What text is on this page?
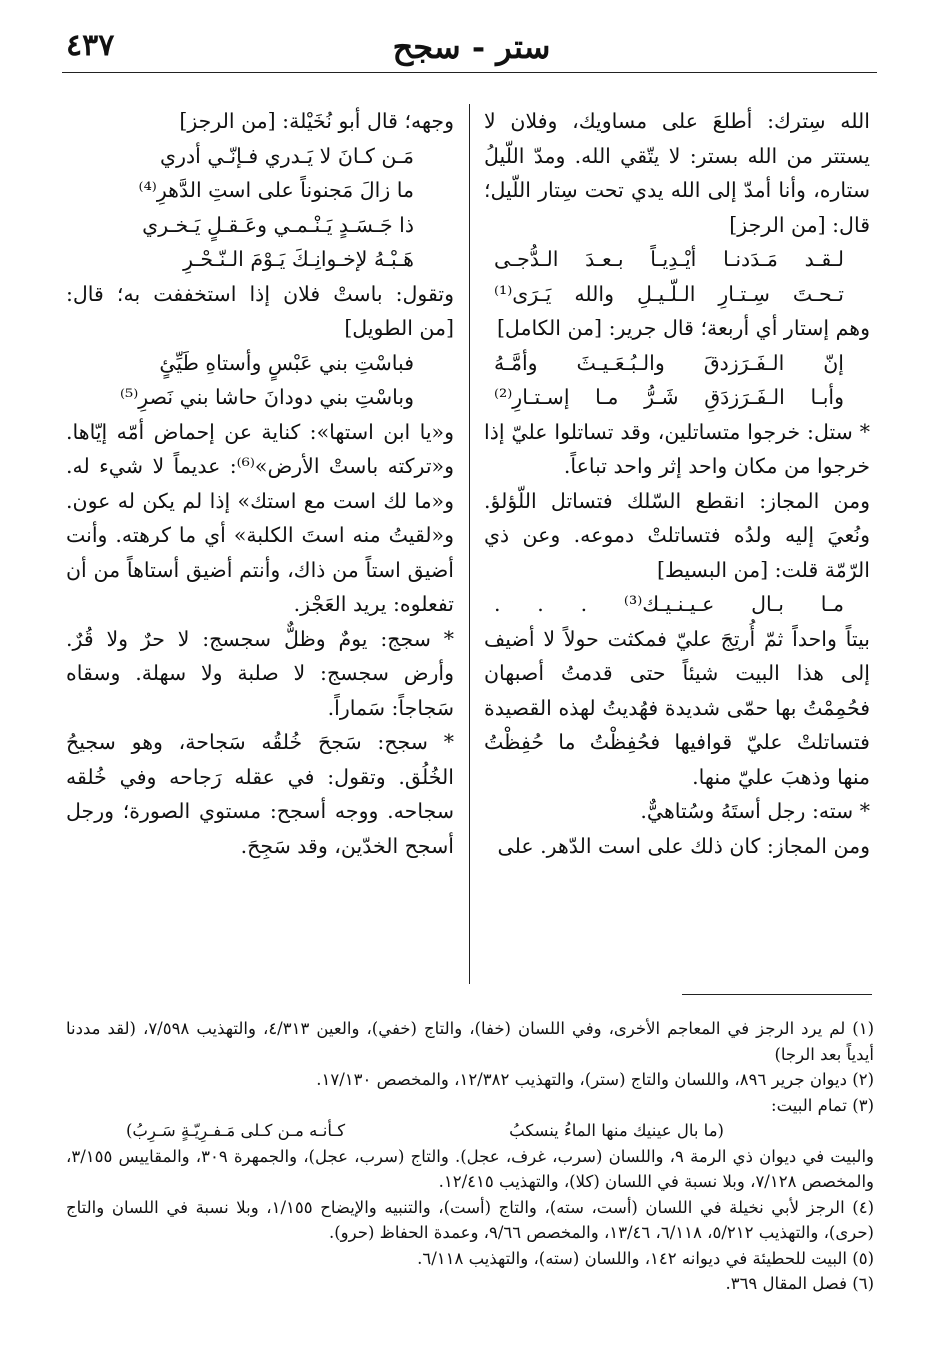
٤٣٧	ستر - سجح

الله سِترك: أطلعَ على مساويك، وفلان لا يستتر من الله بستر: لا يتّقي الله. ومدّ اللّيلُ ستاره، وأنا أمدّ إلى الله يدي تحت سِتار اللّيل؛ قال: [من الرجز]

لـقـد مَـدَدنـا أيْـدِيـاً بـعـدَ الـدُّجـى
تـحـتَ سِـتـارِ الـلّـيـلِ والله يَـرَى⁽¹⁾

وهم إستار أي أربعة؛ قال جرير: [من الكامل]

إنّ الـفَـرَزدقَ والـبُـعَـيـثَ وأمَّـهُ
وأبـا الـفَـرَزدَقِ شَـرُّ مـا إسـتـارِ⁽²⁾

* ستل: خرجوا متساتلين، وقد تساتلوا عليّ إذا خرجوا من مكان واحد إثر واحد تباعاً.

ومن المجاز: انقطع السّلك فتساتل اللّؤلؤ. ونُعيَ إليه ولدُه فتساتلتْ دموعه. وعن ذي الرّمّة قلت: [من البسيط]

مـا بـال عـيـنـيـك⁽³⁾ . . .

بيتاً واحداً ثمّ أُرتِجَ عليّ فمكثت حولاً لا أضيف إلى هذا البيت شيئاً حتى قدمتُ أصبهان فحُمِمْتُ بها حمّى شديدة فهُديتُ لهذه القصيدة فتساتلتْ عليّ قوافيها فحُفِظْتُ ما حُفِظْتُ منها وذهبَ عليّ منها.

* سته: رجل أستَهُ وسُتاهيٌّ.

ومن المجاز: كان ذلك على است الدّهر. على

وجهه؛ قال أبو نُخَيْلة: [من الرجز]

مَـن كـانَ لا يَـدري فـإنّـي أدري
ما زالَ مَجنوناً على استِ الدَّهرِ⁽⁴⁾
ذا جَـسَـدٍ يَـنْـمـي وعَـقـلٍ يَـخـري
هَـبْـهُ لإخـوانِـكَ يَـوْمَ الـنّـحْـرِ

وتقول: باستْ فلان إذا استخففت به؛ قال: [من الطويل]

فباسْتِ بني عَبْسٍ وأستاهِ طَيِّئٍ
وباسْتِ بني دودانَ حاشا بني نَصرِ⁽⁵⁾

و«يا ابن استها»: كناية عن إحماض أمّه إيّاها. و«تركته باستْ الأرض»⁽⁶⁾: عديماً لا شيء له. و«ما لك است مع استك» إذا لم يكن له عون. و«لقيتُ منه استَ الكلبة» أي ما كرهته. وأنت أضيق استاً من ذاك، وأنتم أضيق أستاهاً من أن تفعلوه: يريد العَجْز.

* سجج: يومٌ وظلٌّ سجسج: لا حرٌ ولا قُرٌ. وأرض سجسج: لا صلبة ولا سهلة. وسقاه سَجاجاً: سَماراً.

* سجح: سَجحَ خُلقُه سَجاحة، وهو سجيحُ الخُلُق. وتقول: في عقله رَجاحه وفي خُلقه سجاحه. ووجه أسجح: مستوي الصورة؛ ورجل أسجح الخدّين، وقد سَجِحَ.

(١) لم يرد الرجز في المعاجم الأخرى، وفي اللسان (خفا)، والتاج (خفي)، والعين ٤/٣١٣، والتهذيب ٧/٥٩٨، (لقد مددنا أيدياً بعد الرجا)

(٢) ديوان جرير ٨٩٦، واللسان والتاج (ستر)، والتهذيب ١٢/٣٨٢، والمخصص ١٧/١٣٠.

(٣) تمام البيت:

(ما بال عينيك منها الماءُ ينسكبُ
كـأنـه مـن كـلى مَـفـرِيّـةٍ سَـرِبُ)

والبيت في ديوان ذي الرمة ٩، واللسان (سرب، غرف، عجل). والتاج (سرب، عجل)، والجمهرة ٣٠٩، والمقاييس ٣/١٥٥، والمخصص ٧/١٢٨، وبلا نسبة في اللسان (كلا)، والتهذيب ١٢/٤١٥.

(٤) الرجز لأبي نخيلة في اللسان (أست، سته)، والتاج (أست)، والتنبيه والإيضاح ١/١٥٥، وبلا نسبة في اللسان والتاج (حرى)، والتهذيب ٥/٢١٢، ٦/١١٨، ١٣/٤٦، والمخصص ٩/٦٦، وعمدة الحفاظ (حرو).

(٥) البيت للحطيئة في ديوانه ١٤٢، واللسان (سته)، والتهذيب ٦/١١٨.

(٦) فصل المقال ٣٦٩.
